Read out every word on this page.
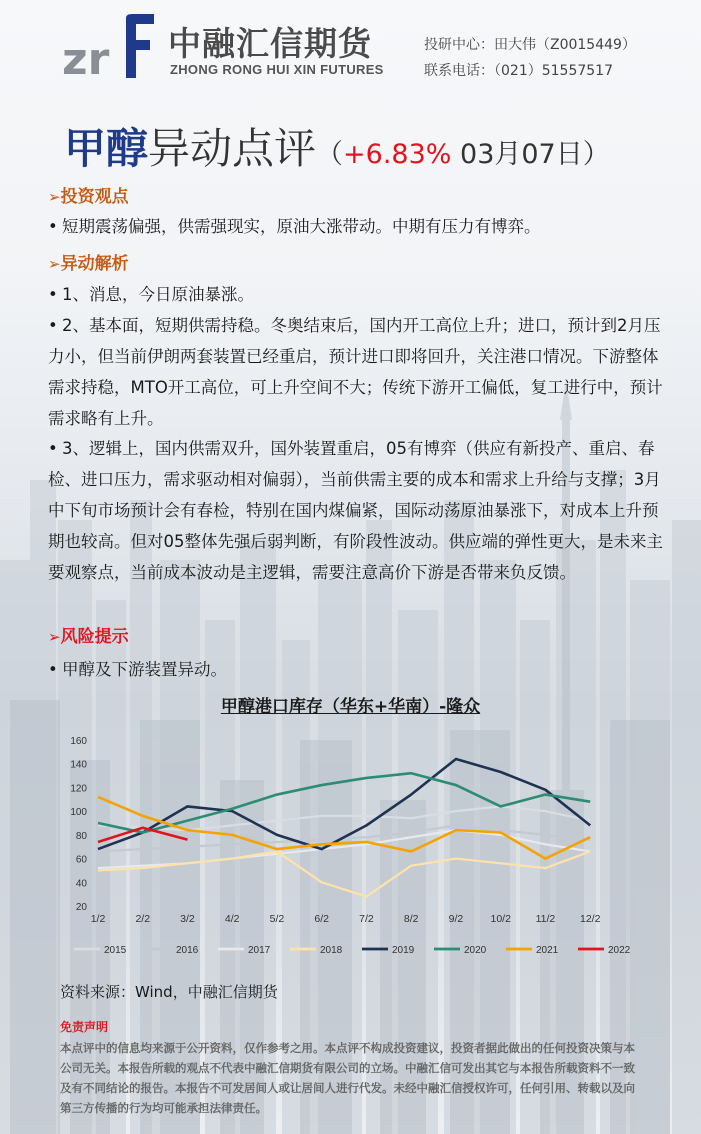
zr 中融汇信期货
ZHONG RONG HUI XIN FUTURES
投研中心：田大伟（Z0015449）
联系电话：（021）51557517
甲醇异动点评（+6.83% 03月07日）
➢投资观点
• 短期震荡偏强，供需强现实，原油大涨带动。中期有压力有博弈。
➢异动解析
• 1、消息，今日原油暴涨。
• 2、基本面，短期供需持稳。冬奥结束后，国内开工高位上升；进口，预计到2月压力小，但当前伊朗两套装置已经重启，预计进口即将回升，关注港口情况。下游整体需求持稳，MTO开工高位，可上升空间不大；传统下游开工偏低，复工进行中，预计需求略有上升。
• 3、逻辑上，国内供需双升，国外装置重启，05有博弈（供应有新投产、重启、春检、进口压力，需求驱动相对偏弱），当前供需主要的成本和需求上升给与支撑；3月中下旬市场预计会有春检，特别在国内煤偏紧，国际动荡原油暴涨下，对成本上升预期也较高。但对05整体先强后弱判断，有阶段性波动。供应端的弹性更大，是未来主要观察点，当前成本波动是主逻辑，需要注意高价下游是否带来负反馈。
➢风险提示
• 甲醇及下游装置异动。
甲醇港口库存（华东+华南）-隆众
20
40
60
80
100
120
140
160
1/2	2/2	3/2	4/2	5/2	6/2	7/2	8/2	9/2	10/2 11/2 12/2
2015	2016	2017	2018	2019	2020	2021	2022
资料来源：Wind，中融汇信期货
免责声明
本点评中的信息均来源于公开资料，仅作参考之用。本点评不构成投资建议，投资者据此做出的任何投资决策与本公司无关。本报告所载的观点不代表中融汇信期货有限公司的立场。中融汇信可发出其它与本报告所载资料不一致及有不同结论的报告。本报告不可发居间人或让居间人进行代发。未经中融汇信授权许可，任何引用、转载以及向第三方传播的行为均可能承担法律责任。
